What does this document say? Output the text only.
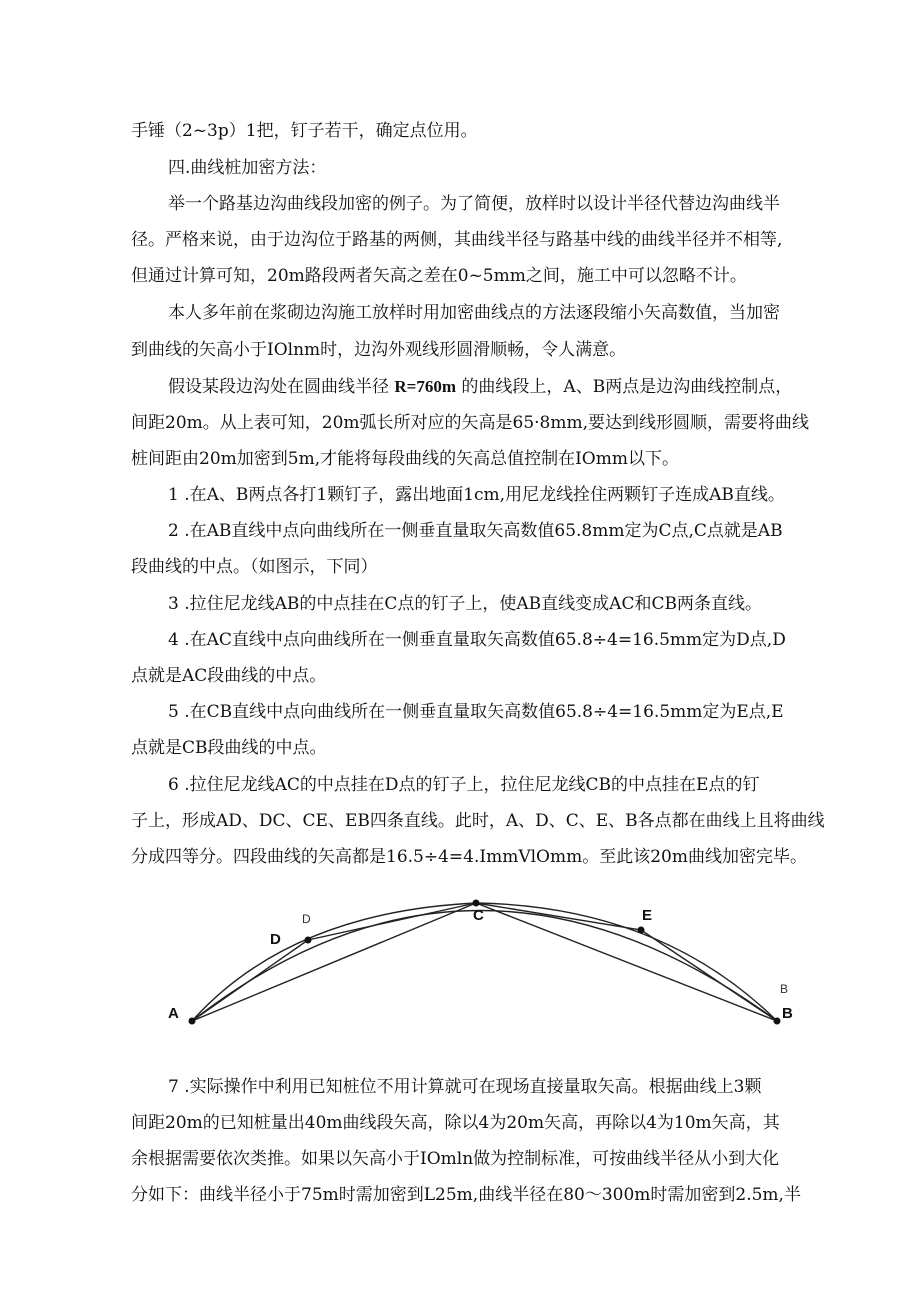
手锤（2~3p）1把，钉子若干，确定点位用。
四.曲线桩加密方法：
举一个路基边沟曲线段加密的例子。为了简便，放样时以设计半径代替边沟曲线半
径。严格来说，由于边沟位于路基的两侧，其曲线半径与路基中线的曲线半径并不相等,
但通过计算可知，20m路段两者矢高之差在0~5mm之间，施工中可以忽略不计。
本人多年前在浆砌边沟施工放样时用加密曲线点的方法逐段缩小矢高数值，当加密
到曲线的矢高小于IOlnm时，边沟外观线形圆滑顺畅，令人满意。
假设某段边沟处在圆曲线半径 R=760m 的曲线段上，A、B两点是边沟曲线控制点，
间距20m。从上表可知，20m弧长所对应的矢高是65·8mm,要达到线形圆顺，需要将曲线
桩间距由20m加密到5m,才能将每段曲线的矢高总值控制在IOmm以下。
1 .在A、B两点各打1颗钉子，露出地面1cm,用尼龙线拴住两颗钉子连成AB直线。
2 .在AB直线中点向曲线所在一侧垂直量取矢高数值65.8mm定为C点,C点就是AB
段曲线的中点。（如图示，下同）
3 .拉住尼龙线AB的中点挂在C点的钉子上，使AB直线变成AC和CB两条直线。
4 .在AC直线中点向曲线所在一侧垂直量取矢高数值65.8÷4=16.5mm定为D点,D
点就是AC段曲线的中点。
5 .在CB直线中点向曲线所在一侧垂直量取矢高数值65.8÷4=16.5mm定为E点,E
点就是CB段曲线的中点。
6 .拉住尼龙线AC的中点挂在D点的钉子上，拉住尼龙线CB的中点挂在E点的钉
子上，形成AD、DC、CE、EB四条直线。此时，A、D、C、E、B各点都在曲线上且将曲线
分成四等分。四段曲线的矢高都是16.5÷4=4.ImmVlOmm。至此该20m曲线加密完毕。
A
D
D	C	E
B
B
7 .实际操作中利用已知桩位不用计算就可在现场直接量取矢高。根据曲线上3颗
间距20m的已知桩量出40m曲线段矢高，除以4为20m矢高，再除以4为10m矢高，其
余根据需要依次类推。如果以矢高小于IOmln做为控制标准，可按曲线半径从小到大化
分如下：曲线半径小于75m时需加密到L25m,曲线半径在80～300m时需加密到2.5m,半
